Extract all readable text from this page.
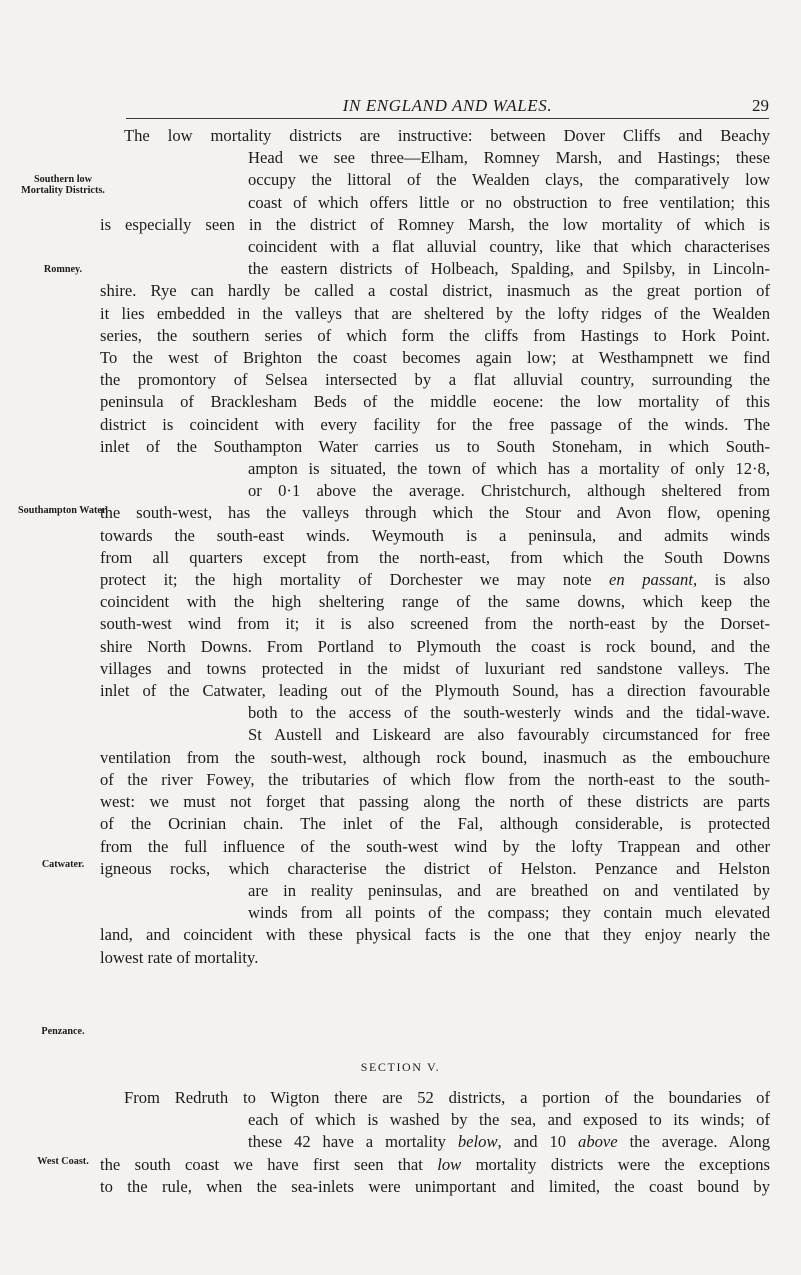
IN ENGLAND AND WALES.	29
Southern low Mortality Districts.
Romney.
Southampton Water.
Catwater.
Penzance.
West Coast.
The low mortality districts are instructive: between Dover Cliffs and Beachy
Head we see three—Elham, Romney Marsh, and Hastings; these
occupy the littoral of the Wealden clays, the comparatively low
coast of which offers little or no obstruction to free ventilation; this
is especially seen in the district of Romney Marsh, the low mortality of which is
coincident with a flat alluvial country, like that which characterises
the eastern districts of Holbeach, Spalding, and Spilsby, in Lincoln-
shire. Rye can hardly be called a costal district, inasmuch as the great portion of
it lies embedded in the valleys that are sheltered by the lofty ridges of the Wealden
series, the southern series of which form the cliffs from Hastings to Hork Point.
To the west of Brighton the coast becomes again low; at Westhampnett we find
the promontory of Selsea intersected by a flat alluvial country, surrounding the
peninsula of Bracklesham Beds of the middle eocene: the low mortality of this
district is coincident with every facility for the free passage of the winds. The
inlet of the Southampton Water carries us to South Stoneham, in which South-
ampton is situated, the town of which has a mortality of only 12·8,
or 0·1 above the average. Christchurch, although sheltered from
the south-west, has the valleys through which the Stour and Avon flow, opening
towards the south-east winds. Weymouth is a peninsula, and admits winds
from all quarters except from the north-east, from which the South Downs
protect it; the high mortality of Dorchester we may note en passant, is also
coincident with the high sheltering range of the same downs, which keep the
south-west wind from it; it is also screened from the north-east by the Dorset-
shire North Downs. From Portland to Plymouth the coast is rock bound, and the
villages and towns protected in the midst of luxuriant red sandstone valleys. The
inlet of the Catwater, leading out of the Plymouth Sound, has a direction favourable
both to the access of the south-westerly winds and the tidal-wave.
St Austell and Liskeard are also favourably circumstanced for free
ventilation from the south-west, although rock bound, inasmuch as the embouchure
of the river Fowey, the tributaries of which flow from the north-east to the south-
west: we must not forget that passing along the north of these districts are parts
of the Ocrinian chain. The inlet of the Fal, although considerable, is protected
from the full influence of the south-west wind by the lofty Trappean and other
igneous rocks, which characterise the district of Helston. Penzance and Helston
are in reality peninsulas, and are breathed on and ventilated by
winds from all points of the compass; they contain much elevated
land, and coincident with these physical facts is the one that they enjoy nearly the
lowest rate of mortality.
SECTION V.
From Redruth to Wigton there are 52 districts, a portion of the boundaries of
each of which is washed by the sea, and exposed to its winds; of
these 42 have a mortality below, and 10 above the average. Along
the south coast we have first seen that low mortality districts were the exceptions
to the rule, when the sea-inlets were unimportant and limited, the coast bound by
